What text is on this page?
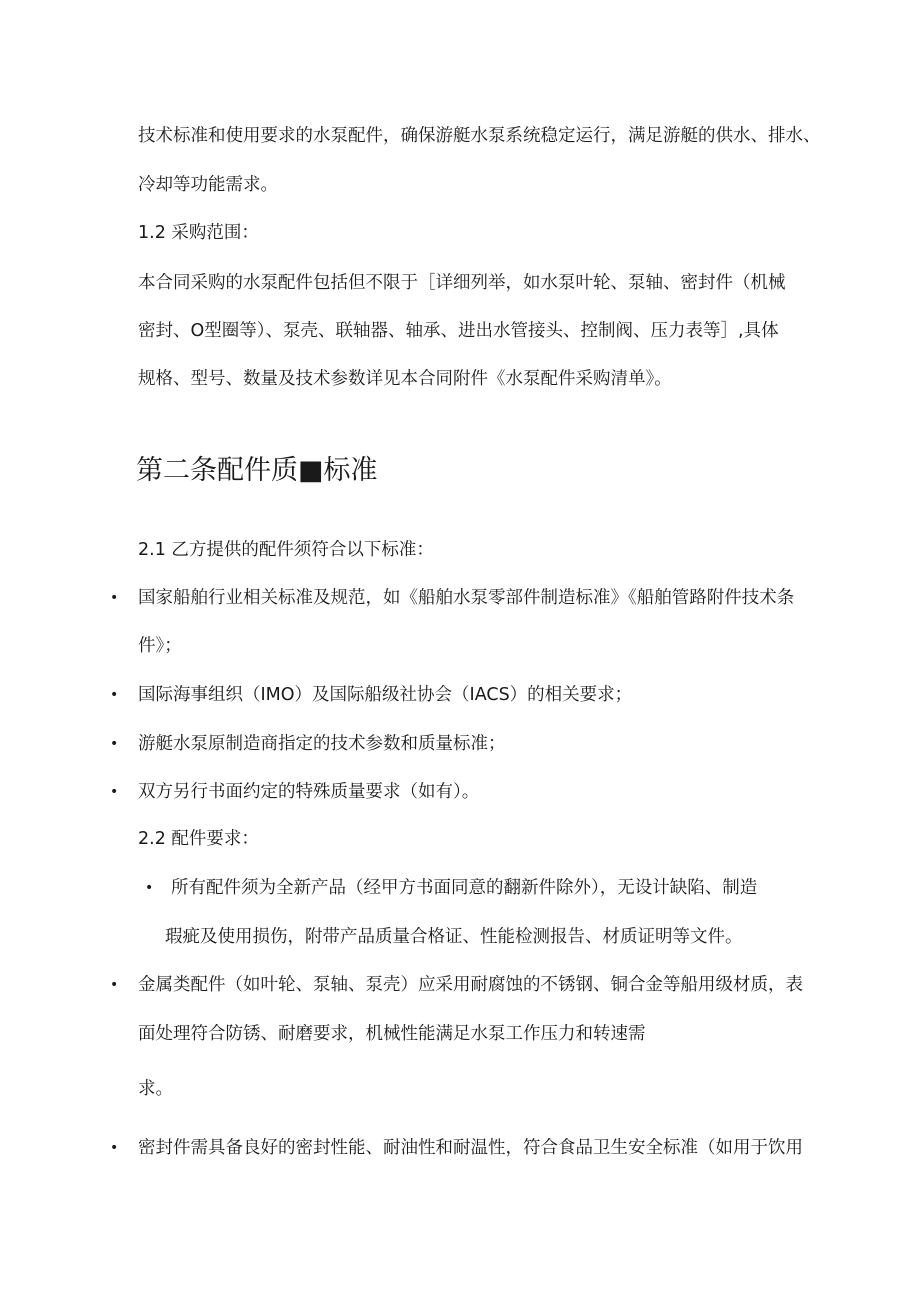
技术标准和使用要求的水泵配件，确保游艇水泵系统稳定运行，满足游艇的供水、排水、

冷却等功能需求。

1.2 采购范围：

本合同采购的水泵配件包括但不限于［详细列举，如水泵叶轮、泵轴、密封件（机械

密封、O型圈等）、泵壳、联轴器、轴承、进出水管接头、控制阀、压力表等］,具体

规格、型号、数量及技术参数详见本合同附件《水泵配件采购清单》。

第二条配件质■标准

2.1 乙方提供的配件须符合以下标准：

• 国家船舶行业相关标准及规范，如《船舶水泵零部件制造标准》《船舶管路附件技术条

件》；

• 国际海事组织（IMO）及国际船级社协会（IACS）的相关要求；

• 游艇水泵原制造商指定的技术参数和质量标准；

• 双方另行书面约定的特殊质量要求（如有）。

2.2 配件要求：

• 所有配件须为全新产品（经甲方书面同意的翻新件除外），无设计缺陷、制造

瑕疵及使用损伤，附带产品质量合格证、性能检测报告、材质证明等文件。

• 金属类配件（如叶轮、泵轴、泵壳）应采用耐腐蚀的不锈钢、铜合金等船用级材质，表

面处理符合防锈、耐磨要求，机械性能满足水泵工作压力和转速需

求。

• 密封件需具备良好的密封性能、耐油性和耐温性，符合食品卫生安全标准（如用于饮用
